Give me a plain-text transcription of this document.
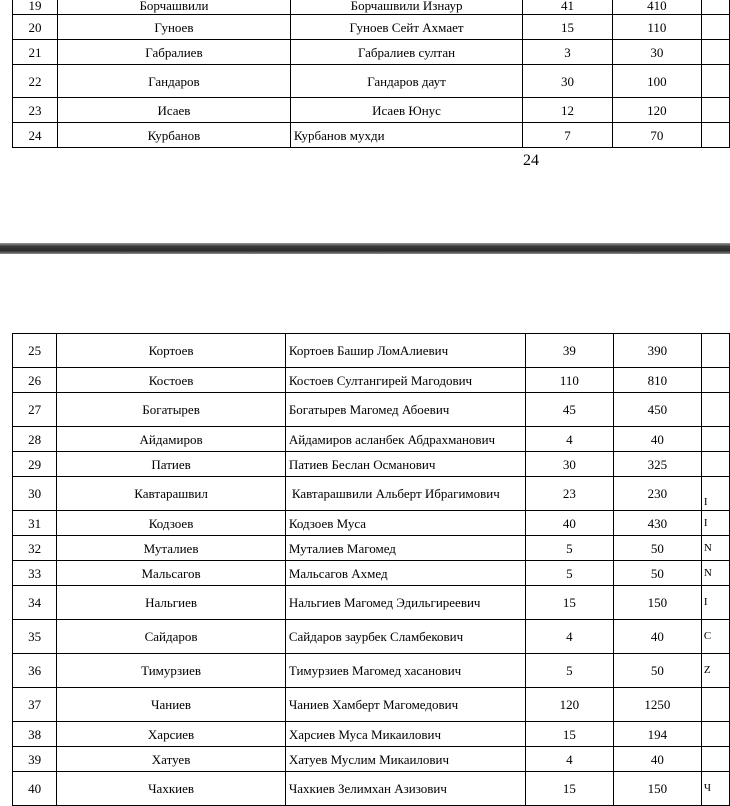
19	Борчашвили	Борчашвили Изнаур	41	410	
20	Гуноев	Гуноев Сейт Ахмает	15	110	
21	Габралиев	Габралиев султан	3	30	
22	Гандаров	Гандаров даут	30	100	
23	Исаев	Исаев Юнус	12	120	
24	Курбанов	Курбанов мухди	7	70	
24
25	Кортоев	Кортоев Башир ЛомАлиевич	39	390	
26	Костоев	Костоев Султангирей Магодович	110	810	
27	Богатырев	Богатырев Магомед Абоевич	45	450	
28	Айдамиров	Айдамиров асланбек Абдрахманович	4	40	
29	Патиев	Патиев Беслан Османович	30	325	
30	Кавтарашвил	Кавтарашвили Альберт Ибрагимович	23	230	I
31	Кодзоев	Кодзоев Муса	40	430	I
32	Муталиев	Муталиев Магомед	5	50	N
33	Мальсагов	Мальсагов Ахмед	5	50	N
34	Нальгиев	Нальгиев Магомед Эдильгиреевич	15	150	I
35	Сайдаров	Сайдаров заурбек Сламбекович	4	40	C
36	Тимурзиев	Тимурзиев Магомед хасанович	5	50	Z
37	Чаниев	Чаниев Хамберт Магомедович	120	1250	
38	Харсиев	Харсиев Муса Микаилович	15	194	
39	Хатуев	Хатуев Муслим Микаилович	4	40	
40	Чахкиев	Чахкиев Зелимхан Азизович	15	150	Ч
